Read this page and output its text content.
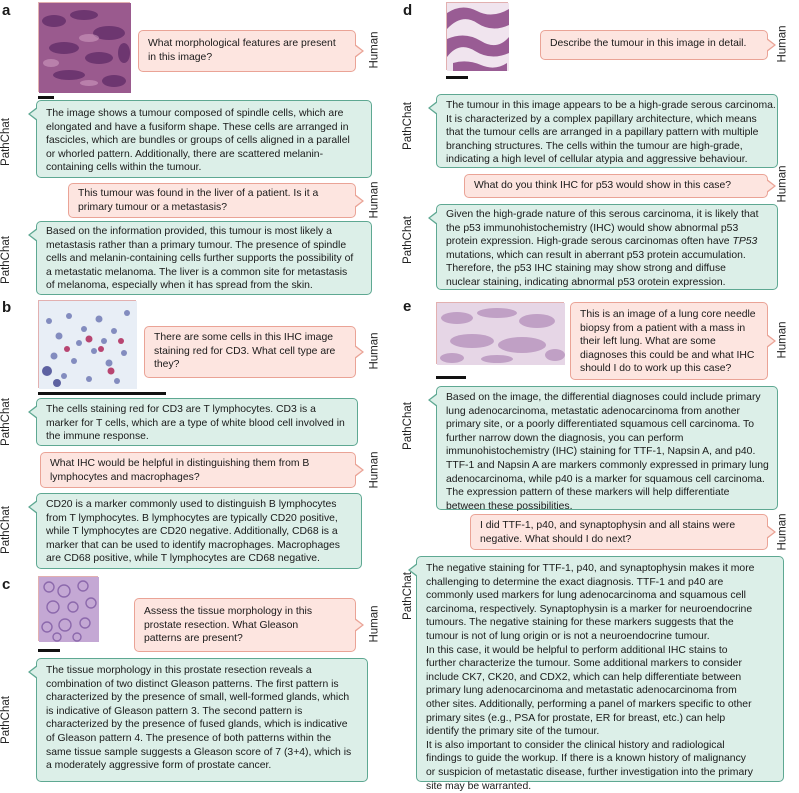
a
What morphological features are present
in this image?	Human
PathChat
The image shows a tumour composed of spindle cells, which are
elongated and have a fusiform shape. These cells are arranged in
fascicles, which are bundles or groups of cells aligned in a parallel
or whorled pattern. Additionally, there are scattered melanin-
containing cells within the tumour.
This tumour was found in the liver of a patient. Is it a
primary tumour or a metastasis?	Human
PathChat
Based on the information provided, this tumour is most likely a
metastasis rather than a primary tumour. The presence of spindle
cells and melanin-containing cells further supports the possibility of
a metastatic melanoma. The liver is a common site for metastasis
of melanoma, especially when it has spread from the skin.
b
There are some cells in this IHC image
staining red for CD3. What cell type are
they?	Human
PathChat	The cells staining red for CD3 are T lymphocytes. CD3 is a
marker for T cells, which are a type of white blood cell involved in
the immune response.
What IHC would be helpful in distinguishing them from B
lymphocytes and macrophages?	Human
PathChat
CD20 is a marker commonly used to distinguish B lymphocytes
from T lymphocytes. B lymphocytes are typically CD20 positive,
while T lymphocytes are CD20 negative. Additionally, CD68 is a
marker that can be used to identify macrophages. Macrophages
are CD68 positive, while T lymphocytes are CD68 negative.
c
Assess the tissue morphology in this
prostate resection. What Gleason
patterns are present?	Human
PathChat
The tissue morphology in this prostate resection reveals a
combination of two distinct Gleason patterns. The first pattern is
characterized by the presence of small, well-formed glands, which
is indicative of Gleason pattern 3. The second pattern is
characterized by the presence of fused glands, which is indicative
of Gleason pattern 4. The presence of both patterns within the
same tissue sample suggests a Gleason score of 7 (3+4), which is
a moderately aggressive form of prostate cancer.
d
Describe the tumour in this image in detail.	Human
PathChat	The tumour in this image appears to be a high-grade serous carcinoma.
It is characterized by a complex papillary architecture, which means
that the tumour cells are arranged in a papillary pattern with multiple
branching structures. The cells within the tumour are high-grade,
indicating a high level of cellular atypia and aggressive behaviour.
What do you think IHC for p53 would show in this case?	Human
PathChat
Given the high-grade nature of this serous carcinoma, it is likely that
the p53 immunohistochemistry (IHC) would show abnormal p53
protein expression. High-grade serous carcinomas often have TP53
mutations, which can result in aberrant p53 protein accumulation.
Therefore, the p53 IHC staining may show strong and diffuse
nuclear staining, indicating abnormal p53 orotein expression.
e	This is an image of a lung core needle
biopsy from a patient with a mass in
their left lung. What are some
diagnoses this could be and what IHC
should I do to work up this case?
Human
PathChat
Based on the image, the differential diagnoses could include primary
lung adenocarcinoma, metastatic adenocarcinoma from another
primary site, or a poorly differentiated squamous cell carcinoma. To
further narrow down the diagnosis, you can perform
immunohistochemistry (IHC) staining for TTF-1, Napsin A, and p40.
TTF-1 and Napsin A are markers commonly expressed in primary lung
adenocarcinoma, while p40 is a marker for squamous cell carcinoma.
The expression pattern of these markers will help differentiate
between these possibilities.
I did TTF-1, p40, and synaptophysin and all stains were
negative. What should I do next?	Human
PathChat
The negative staining for TTF-1, p40, and synaptophysin makes it more
challenging to determine the exact diagnosis. TTF-1 and p40 are
commonly used markers for lung adenocarcinoma and squamous cell
carcinoma, respectively. Synaptophysin is a marker for neuroendocrine
tumours. The negative staining for these markers suggests that the
tumour is not of lung origin or is not a neuroendocrine tumour.
In this case, it would be helpful to perform additional IHC stains to
further characterize the tumour. Some additional markers to consider
include CK7, CK20, and CDX2, which can help differentiate between
primary lung adenocarcinoma and metastatic adenocarcinoma from
other sites. Additionally, performing a panel of markers specific to other
primary sites (e.g., PSA for prostate, ER for breast, etc.) can help
identify the primary site of the tumour.
It is also important to consider the clinical history and radiological
findings to guide the workup. If there is a known history of malignancy
or suspicion of metastatic disease, further investigation into the primary
site may be warranted.
